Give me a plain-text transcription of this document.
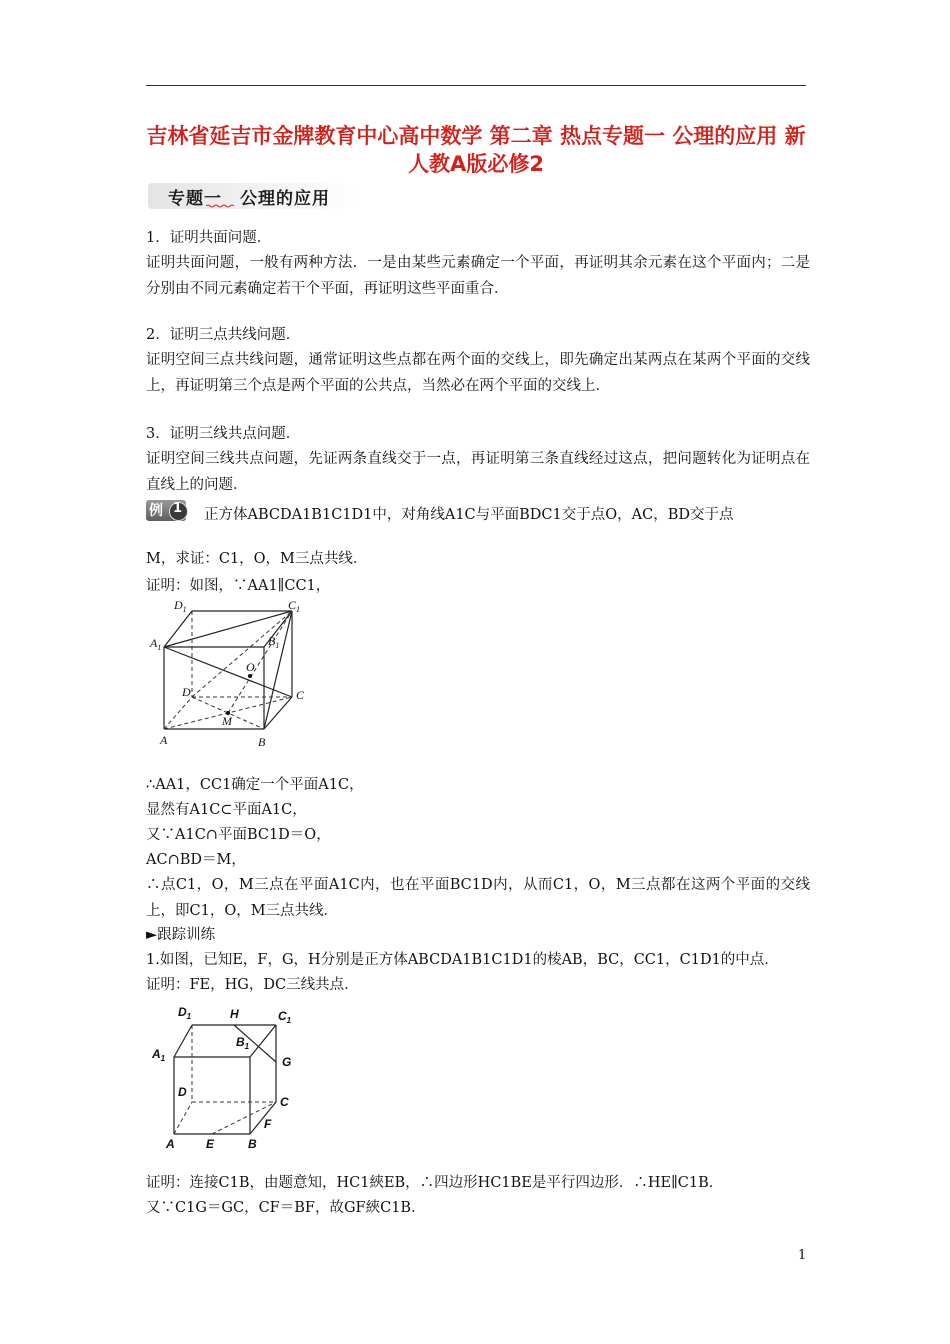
吉林省延吉市金牌教育中心高中数学 第二章 热点专题一 公理的应用 新人教A版必修2
专题一　公理的应用
1．证明共面问题．
证明共面问题，一般有两种方法．一是由某些元素确定一个平面，再证明其余元素在这个平面内；二是分别由不同元素确定若干个平面，再证明这些平面重合．
2．证明三点共线问题．
证明空间三点共线问题，通常证明这些点都在两个面的交线上，即先确定出某两点在某两个平面的交线上，再证明第三个点是两个平面的公共点，当然必在两个平面的交线上．
3．证明三线共点问题．
证明空间三线共点问题，先证两条直线交于一点，再证明第三条直线经过这点，把问题转化为证明点在直线上的问题．
例 1 正方体ABCDA1B1C1D1中，对角线A1C与平面BDC1交于点O，AC，BD交于点
M，求证：C1，O，M三点共线．
证明：如图，∵AA1∥CC1，
$D_1$	$C_1$
$A_1$	$B_1$
O
D	C
M
A	B
∴AA1，CC1确定一个平面A1C，
显然有A1C⊂平面A1C，
又∵A1C∩平面BC1D＝O，
AC∩BD＝M，
∴点C1，O，M三点在平面A1C内，也在平面BC1D内，从而C1，O，M三点都在这两个平面的交线上，即C1，O，M三点共线．
►跟踪训练
1.如图，已知E，F，G，H分别是正方体ABCDA1B1C1D1的棱AB，BC，CC1，C1D1的中点．
证明：FE，HG，DC三线共点．
$D_1$	H	$C_1$
$B_1$
$A_1$	G
D
C
F
A	E	B
证明：连接C1B，由题意知，HC1綊EB，∴四边形HC1BE是平行四边形．∴HE∥C1B．
又∵C1G＝GC，CF＝BF，故GF綊C1B．
1
